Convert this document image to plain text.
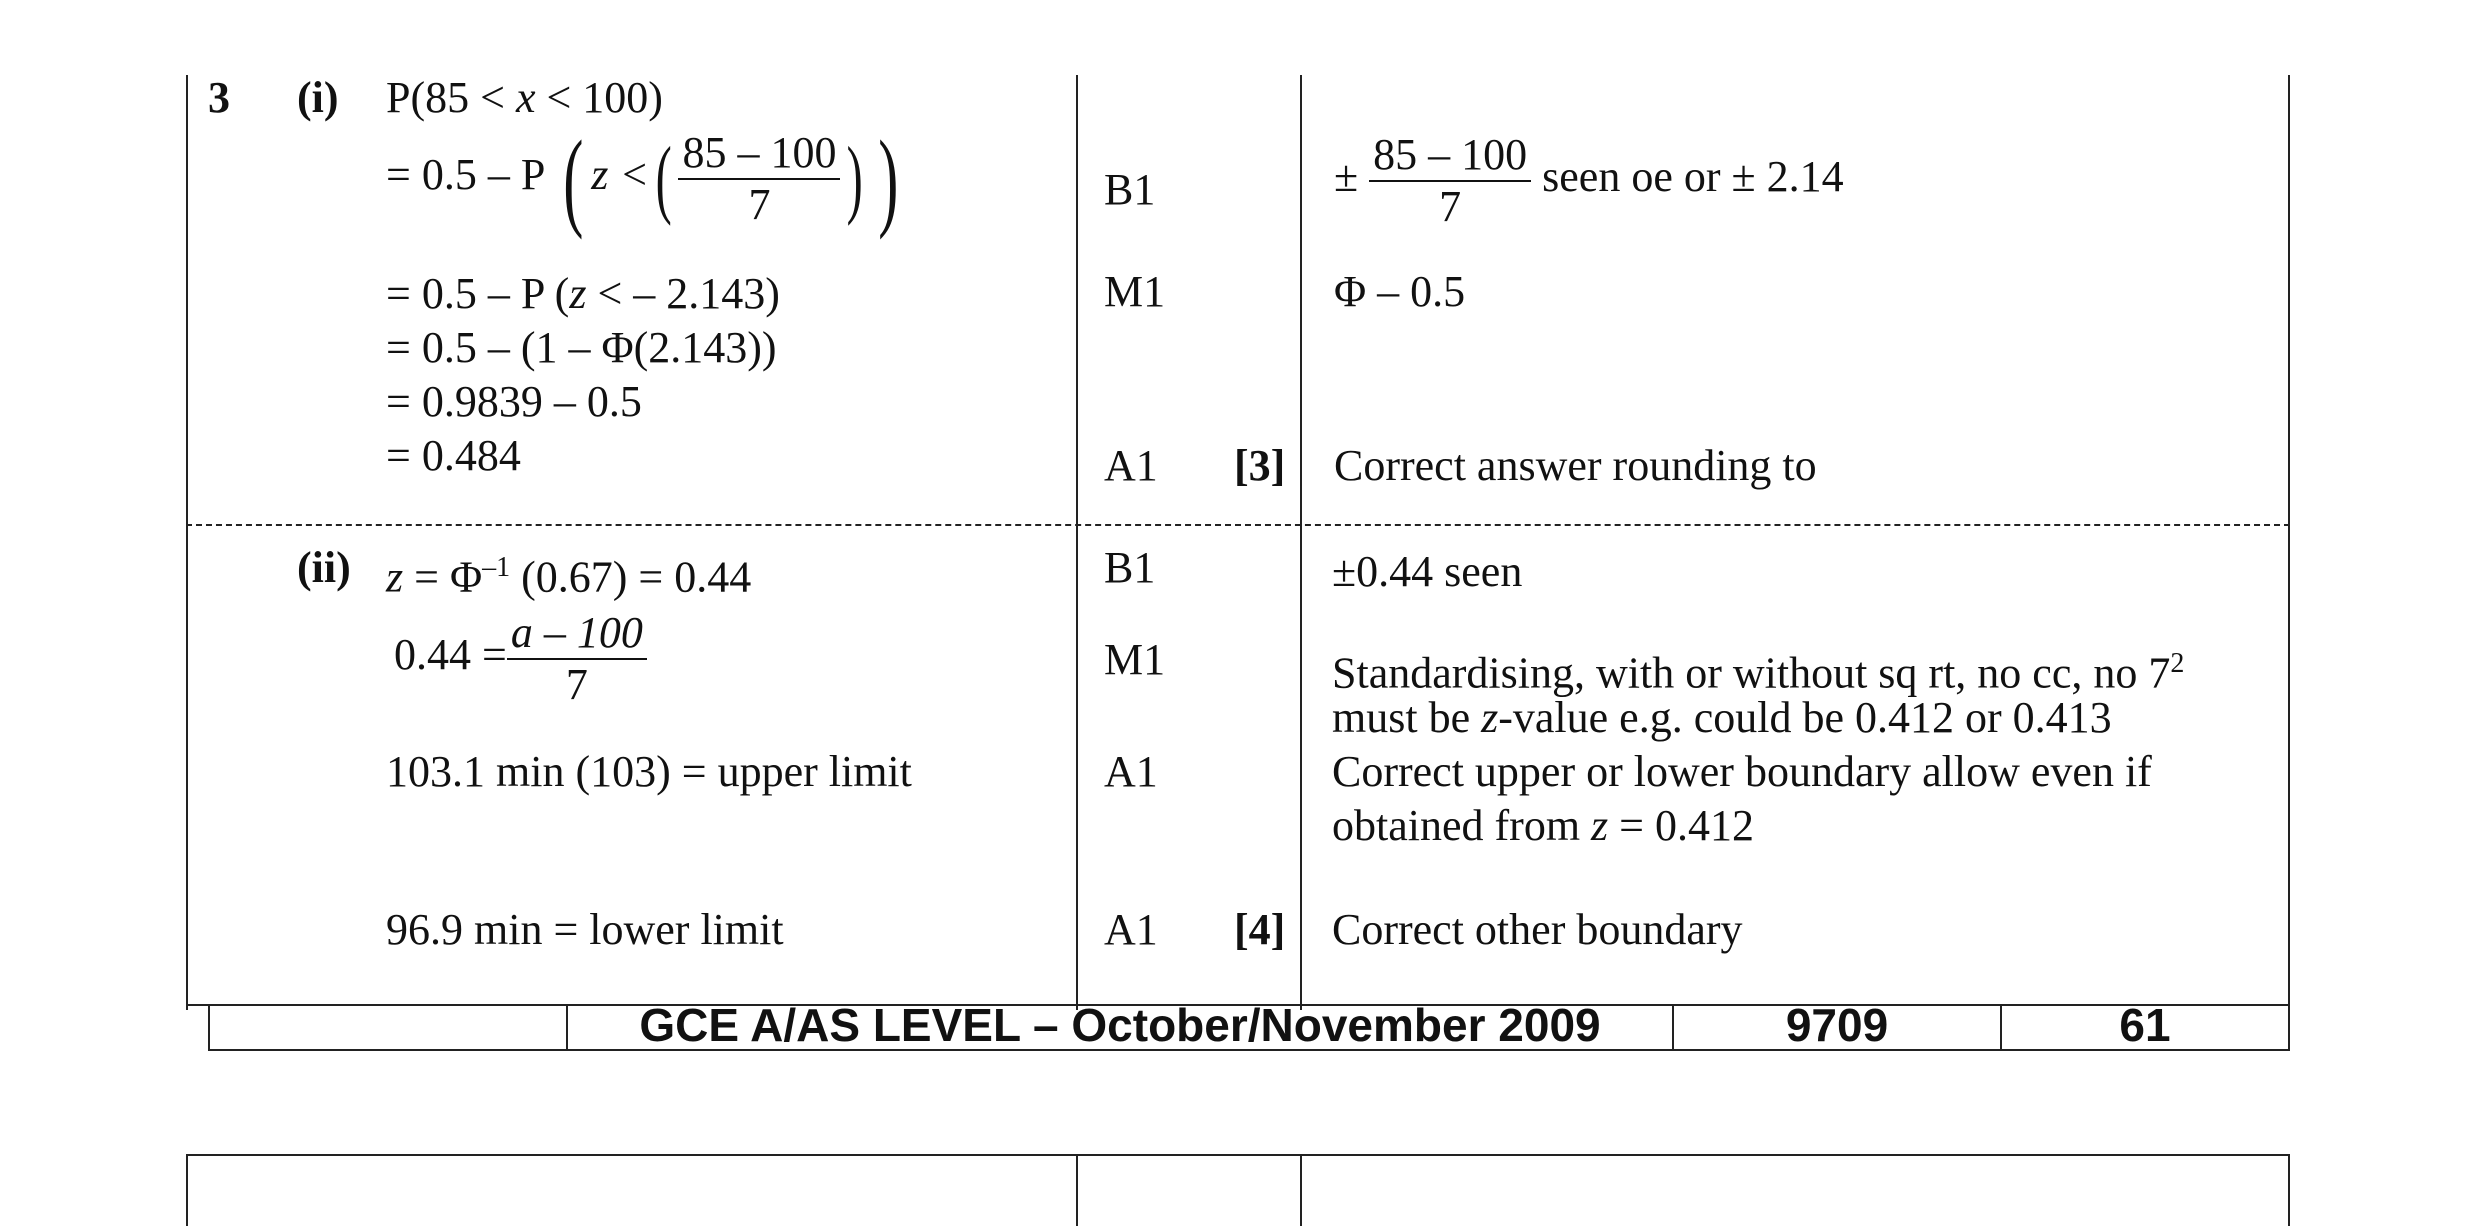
3 (i) P(85 < x < 100)
= 0.5 – P ( z <( $\frac{85 - 100}{7}$ ) )
= 0.5 – P (z < – 2.143)
= 0.5 – (1 – Φ(2.143))
= 0.9839 – 0.5
= 0.484
B1
M1
A1 [3]
± $\frac{85 - 100}{7}$ seen oe or ± 2.14
Φ – 0.5
Correct answer rounding to
(ii) $z = \Phi^{-1}$ (0.67) = 0.44
$0.44 = \frac{a - 100}{7}$
103.1 min (103) = upper limit
96.9 min = lower limit
B1
M1
A1
A1 [4]
±0.44 seen
Standardising, with or without sq rt, no cc, no $7^2$
must be z-value e.g. could be 0.412 or 0.413
Correct upper or lower boundary allow even if
obtained from z = 0.412
Correct other boundary
GCE A/AS LEVEL – October/November 2009	9709	61
